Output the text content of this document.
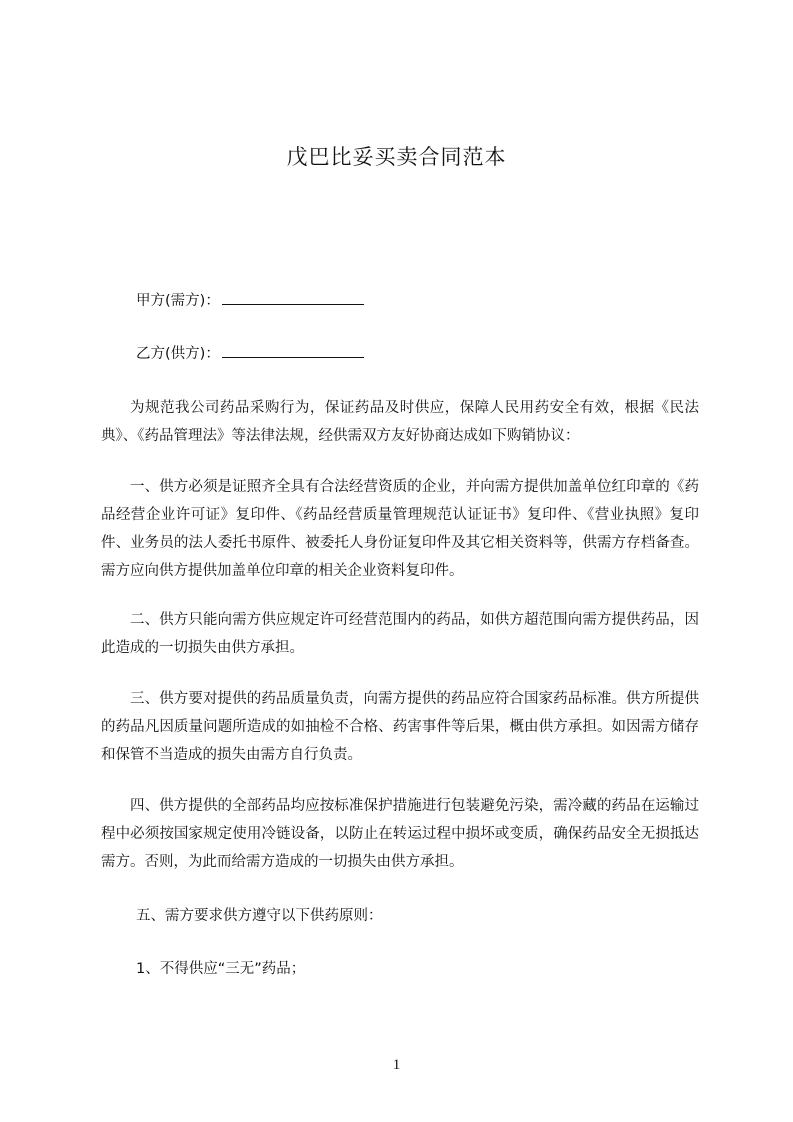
戊巴比妥买卖合同范本
甲方(需方)：
乙方(供方)：

为规范我公司药品采购行为，保证药品及时供应，保障人民用药安全有效，根据《民法典》、《药品管理法》等法律法规，经供需双方友好协商达成如下购销协议：

一、供方必须是证照齐全具有合法经营资质的企业，并向需方提供加盖单位红印章的《药品经营企业许可证》复印件、《药品经营质量管理规范认证证书》复印件、《营业执照》复印件、业务员的法人委托书原件、被委托人身份证复印件及其它相关资料等，供需方存档备查。需方应向供方提供加盖单位印章的相关企业资料复印件。

二、供方只能向需方供应规定许可经营范围内的药品，如供方超范围向需方提供药品，因此造成的一切损失由供方承担。

三、供方要对提供的药品质量负责，向需方提供的药品应符合国家药品标准。供方所提供的药品凡因质量问题所造成的如抽检不合格、药害事件等后果，概由供方承担。如因需方储存和保管不当造成的损失由需方自行负责。

四、供方提供的全部药品均应按标准保护措施进行包装避免污染，需冷藏的药品在运输过程中必须按国家规定使用冷链设备，以防止在转运过程中损坏或变质，确保药品安全无损抵达需方。否则，为此而给需方造成的一切损失由供方承担。

五、需方要求供方遵守以下供药原则：
1、不得供应“三无”药品；
1
